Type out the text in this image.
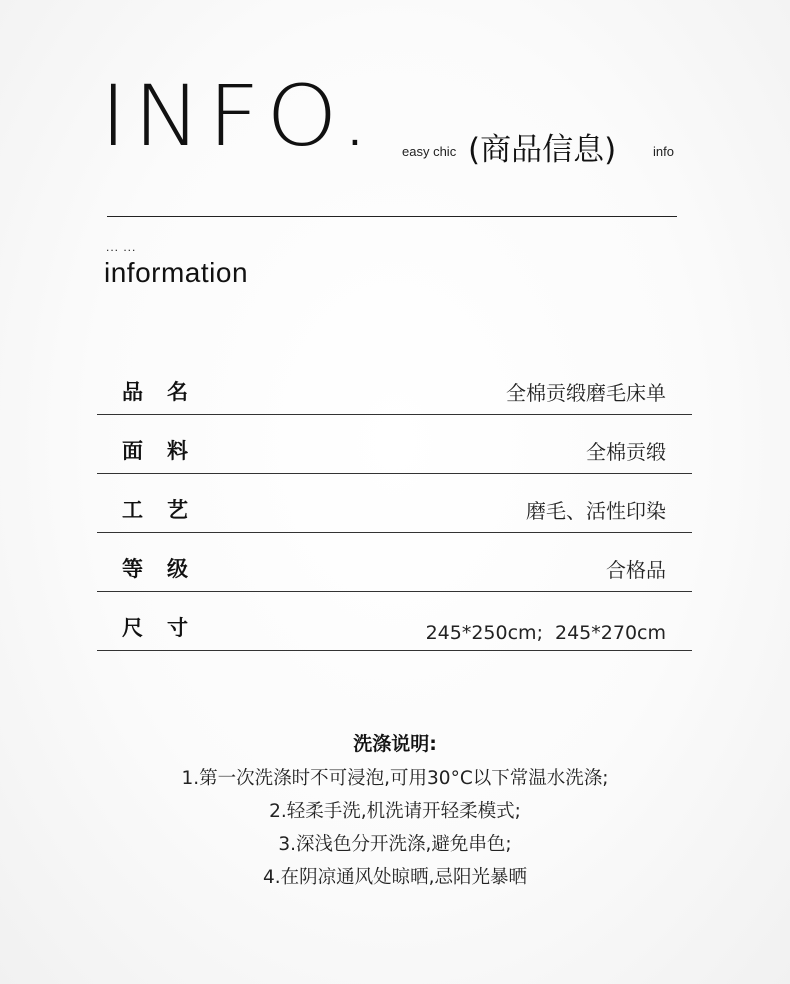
INFO. easy chic (商品信息)	info
... ...
information
品名	全棉贡缎磨毛床单
面料	全棉贡缎
工艺	磨毛、活性印染
等级	合格品
尺寸	245*250cm; 245*270cm
洗涤说明:
1.第一次洗涤时不可浸泡,可用30°C以下常温水洗涤;
2.轻柔手洗,机洗请开轻柔模式;
3.深浅色分开洗涤,避免串色;
4.在阴凉通风处晾晒,忌阳光暴晒
